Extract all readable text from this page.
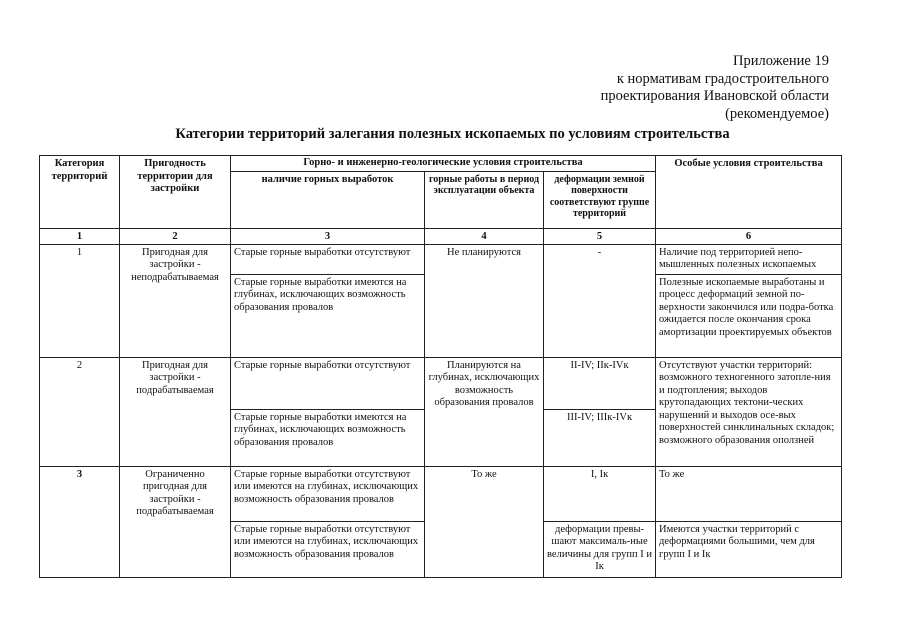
Приложение 19
к нормативам градостроительного
проектирования Ивановской области
(рекомендуемое)
Категории территорий залегания полезных ископаемых по условиям строительства
Категория территорий	Пригодность территории для застройки	Горно- и инженерно-геологические условия строительства			Особые условия строительства
		наличие горных выработок	горные работы в период эксплуатации объекта	деформации земной поверхности соответствуют группе территорий	
1	2	3	4	5	6
1	Пригодная для застройки - неподрабатываемая	Старые горные выработки отсутствуют	Не планируются	-	Наличие под территорией непо-мышленных полезных ископаемых
		Старые горные выработки имеются на глубинах, исключающих возможность образования провалов			Полезные ископаемые выработаны и процесс деформаций земной по-верхности закончился или подра-ботка ожидается после окончания срока амортизации проектируемых объектов
2	Пригодная для застройки - подрабатываемая	Старые горные выработки отсутствуют	Планируются на глубинах, исключающих возможность образования провалов	II-IV; IIк-IVк	Отсутствуют участки территорий: возможного техногенного затопле-ния и подтопления; выходов крутопадающих тектони-ческих нарушений и выходов осе-вых поверхностей синклинальных складок; возможного образования оползней
		Старые горные выработки имеются на глубинах, исключающих возможность образования провалов		III-IV; IIIк-IVк	
3	Ограниченно пригодная для застройки - подрабатываемая	Старые горные выработки отсутствуют или имеются на глубинах, исключающих возможность образования провалов	То же	I, Iк	То же
		Старые горные выработки отсутствуют или имеются на глубинах, исключающих возможность образования провалов		деформации превы-шают максималь-ные величины для групп I и Iк	Имеются участки территорий с деформациями большими, чем для групп I и Iк
